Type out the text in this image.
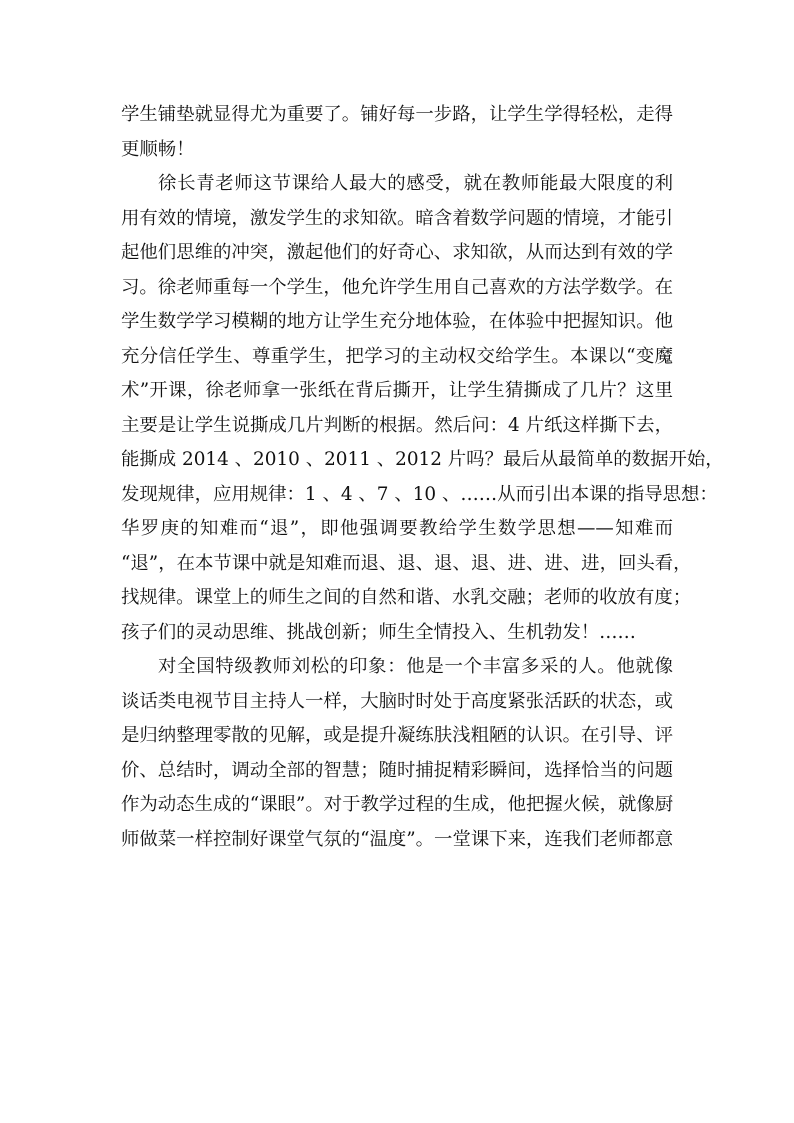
学生铺垫就显得尤为重要了。铺好每一步路，让学生学得轻松，走得
更顺畅！
徐长青老师这节课给人最大的感受，就在教师能最大限度的利
用有效的情境，激发学生的求知欲。暗含着数学问题的情境，才能引
起他们思维的冲突，激起他们的好奇心、求知欲，从而达到有效的学
习。徐老师重每一个学生，他允许学生用自己喜欢的方法学数学。在
学生数学学习模糊的地方让学生充分地体验，在体验中把握知识。他
充分信任学生、尊重学生，把学习的主动权交给学生。本课以“变魔
术”开课，徐老师拿一张纸在背后撕开，让学生猜撕成了几片？这里
主要是让学生说撕成几片判断的根据。然后问：4 片纸这样撕下去，
能撕成 2014 、2010 、2011 、2012 片吗？最后从最简单的数据开始，
发现规律，应用规律：1 、4 、7 、10 、……从而引出本课的指导思想：
华罗庚的知难而“退”，即他强调要教给学生数学思想——知难而
“退”，在本节课中就是知难而退、退、退、退、进、进、进，回头看，
找规律。课堂上的师生之间的自然和谐、水乳交融；老师的收放有度；
孩子们的灵动思维、挑战创新；师生全情投入、生机勃发！……
对全国特级教师刘松的印象：他是一个丰富多采的人。他就像
谈话类电视节目主持人一样，大脑时时处于高度紧张活跃的状态，或
是归纳整理零散的见解，或是提升凝练肤浅粗陋的认识。在引导、评
价、总结时，调动全部的智慧；随时捕捉精彩瞬间，选择恰当的问题
作为动态生成的“课眼”。对于教学过程的生成，他把握火候，就像厨
师做菜一样控制好课堂气氛的“温度”。一堂课下来，连我们老师都意
